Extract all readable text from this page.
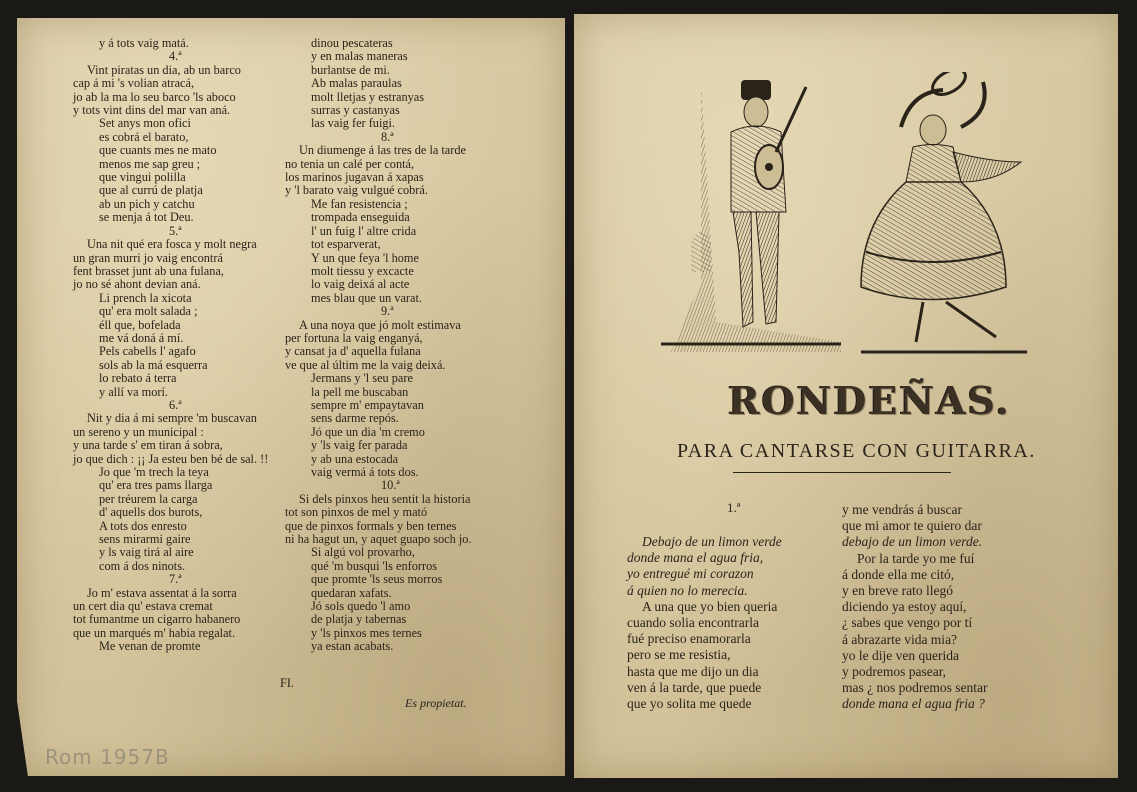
y á tots vaig matá.
4.ª
Vint piratas un dia, ab un barco
cap á mi 's volian atracá,
jo ab la ma lo seu barco 'ls aboco
y tots vint dins del mar van aná.
Set anys mon ofici
es cobrá el barato,
que cuants mes ne mato
menos me sap greu ;
que vingui polilla
que al currú de platja
ab un pich y catchu
se menja á tot Deu.
5.ª
Una nit qué era fosca y molt negra
un gran murri jo vaig encontrá
fent brasset junt ab una fulana,
jo no sé ahont devian aná.
Li prench la xicota
qu' era molt salada ;
éll que, bofelada
me vá doná á mí.
Pels cabells l' agafo
sols ab la má esquerra
lo rebato á terra
y allí va morí.
6.ª
Nit y dia á mi sempre 'm buscavan
un sereno y un municipal :
y una tarde s' em tiran á sobra,
jo que dich : ¡¡ Ja esteu ben bé de sal. !!
Jo que 'm trech la teya
qu' era tres pams llarga
per tréurem la carga
d' aquells dos burots,
A tots dos enresto
sens mirarmi gaire
y ls vaig tirá al aire
com á dos ninots.
7.ª
Jo m' estava assentat á la sorra
un cert dia qu' estava cremat
tot fumantme un cigarro habanero
que un marqués m' habia regalat.
Me venan de promte
dinou pescateras
y en malas maneras
burlantse de mi.
Ab malas paraulas
molt lletjas y estranyas
surras y castanyas
las vaig fer fuigi.
8.ª
Un diumenge á las tres de la tarde
no tenia un calé per contá,
los marinos jugavan á xapas
y 'l barato vaig vulgué cobrá.
Me fan resistencia ;
trompada enseguida
l' un fuig l' altre crida
tot esparverat,
Y un que feya 'l home
molt tiessu y excacte
lo vaig deixá al acte
mes blau que un varat.
9.ª
A una noya que jó molt estimava
per fortuna la vaig enganyá,
y cansat ja d' aquella fulana
ve que al últim me la vaig deixá.
Jermans y 'l seu pare
la pell me buscaban
sempre m' empaytavan
sens darme repós.
Jó que un dia 'm cremo
y 'ls vaig fer parada
y ab una estocada
vaig vermá á tots dos.
10.ª
Si dels pinxos heu sentit la historia
tot son pinxos de mel y mató
que de pinxos formals y ben ternes
ni ha hagut un, y aquet guapo soch jo.
Si algú vol provarho,
qué 'm busqui 'ls enforros
que promte 'ls seus morros
quedaran xafats.
Jó sols quedo 'l amo
de platja y tabernas
y 'ls pinxos mes ternes
ya estan acabats.
FI.
Es propietat.
Rom 1957B
RONDEÑAS.
PARA CANTARSE CON GUITARRA.
1.ª
Debajo de un limon verde
donde mana el agua fria,
yo entregué mi corazon
á quien no lo merecia.
A una que yo bien queria
cuando solia encontrarla
fué preciso enamorarla
pero se me resistia,
hasta que me dijo un dia
ven á la tarde, que puede
que yo solita me quede
y me vendrás á buscar
que mi amor te quiero dar
debajo de un limon verde.
Por la tarde yo me fuí
á donde ella me citó,
y en breve rato llegó
diciendo ya estoy aquí,
¿ sabes que vengo por tí
á abrazarte vida mia?
yo le dije ven querida
y podremos pasear,
mas ¿ nos podremos sentar
donde mana el agua fria ?
